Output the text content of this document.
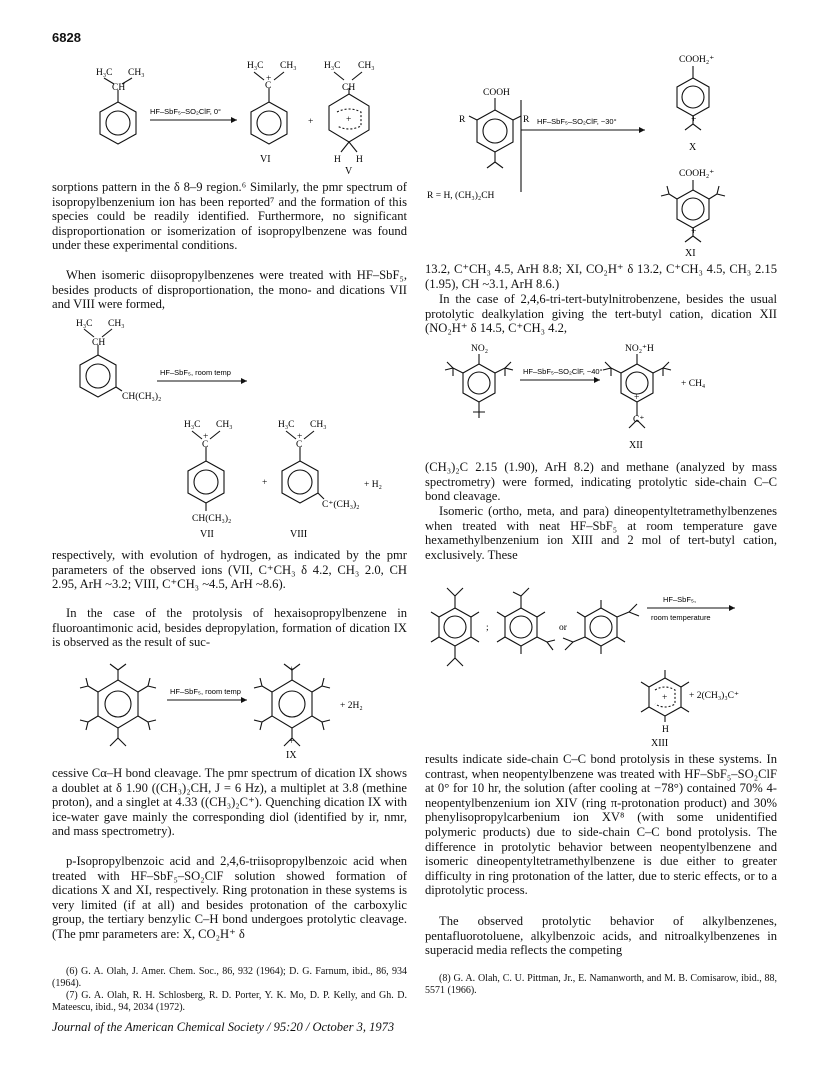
6828
sorptions pattern in the δ 8–9 region.⁶ Similarly, the pmr spectrum of isopropylbenzenium ion has been reported⁷ and the formation of this species could be readily identified. Furthermore, no significant disproportionation or isomerization of isopropylbenzene was found under these experimental conditions.
When isomeric diisopropylbenzenes were treated with HF–SbF₅, besides products of disproportionation, the mono- and dications VII and VIII were formed,
respectively, with evolution of hydrogen, as indicated by the pmr parameters of the observed ions (VII, C⁺CH₃ δ 4.2, CH₃ 2.0, CH 2.95, ArH ~3.2; VIII, C⁺CH₃ ~4.5, ArH ~8.6).
In the case of the protolysis of hexaisopropylbenzene in fluoroantimonic acid, besides depropylation, formation of dication IX is observed as the result of suc-
cessive Cα–H bond cleavage. The pmr spectrum of dication IX shows a doublet at δ 1.90 ((CH₃)₂CH, J = 6 Hz), a multiplet at 3.8 (methine proton), and a singlet at 4.33 ((CH₃)₂C⁺). Quenching dication IX with ice-water gave mainly the corresponding diol (identified by ir, nmr, and mass spectrometry).
p-Isopropylbenzoic acid and 2,4,6-triisopropylbenzoic acid when treated with HF–SbF₅–SO₂ClF solution showed formation of dications X and XI, respectively. Ring protonation in these systems is very limited (if at all) and besides protonation of the carboxylic group, the tertiary benzylic C–H bond undergoes protolytic cleavage. (The pmr parameters are: X, CO₂H⁺ δ
(6) G. A. Olah, J. Amer. Chem. Soc., 86, 932 (1964); D. G. Farnum, ibid., 86, 934 (1964).
(7) G. A. Olah, R. H. Schlosberg, R. D. Porter, Y. K. Mo, D. P. Kelly, and Gh. D. Mateescu, ibid., 94, 2034 (1972).
13.2, C⁺CH₃ 4.5, ArH 8.8; XI, CO₂H⁺ δ 13.2, C⁺CH₃ 4.5, CH₃ 2.15 (1.95), CH ~3.1, ArH 8.6.)
In the case of 2,4,6-tri-tert-butylnitrobenzene, besides the usual protolytic dealkylation giving the tert-butyl cation, dication XII (NO₂H⁺ δ 14.5, C⁺CH₃ 4.2,
(CH₃)₂C 2.15 (1.90), ArH 8.2) and methane (analyzed by mass spectrometry) were formed, indicating protolytic side-chain C–C bond cleavage.
Isomeric (ortho, meta, and para) dineopentyltetramethylbenzenes when treated with neat HF–SbF₅ at room temperature gave hexamethylbenzenium ion XIII and 2 mol of tert-butyl cation, exclusively. These
results indicate side-chain C–C bond protolysis in these systems. In contrast, when neopentylbenzene was treated with HF–SbF₅–SO₂ClF at 0° for 10 hr, the solution (after cooling at −78°) contained 70% 4-neopentylbenzenium ion XIV (ring π-protonation product) and 30% phenylisopropylcarbenium ion XV⁸ (with some unidentified polymeric products) due to side-chain C–C bond protolysis. The difference in protolytic behavior between neopentylbenzene and isomeric dineopentyltetramethylbenzene is due either to greater difficulty in ring protonation of the latter, due to steric effects, or to a diprotolytic process.
The observed protolytic behavior of alkylbenzenes, pentafluorotoluene, alkylbenzoic acids, and nitroalkylbenzenes in superacid media reflects the competing
(8) G. A. Olah, C. U. Pittman, Jr., E. Namanworth, and M. B. Comisarow, ibid., 88, 5571 (1966).
HF–SbF₅–SO₂ClF, 0°
H₃C CH₃
CH
H₃C CH₃
C
+
+
H₃C CH₃
CH
+
H H
VI
V
HF–SbF₅, room temp
H₃C CH₃
CH
CH(CH₃)₂
H₃C CH₃
C
+
CH(CH₃)₂
+
H₃C CH₃
C
+
C⁺(CH₃)₂
+ H₂
VII	VIII
HF–SbF₅, room temp
+
+
+ 2H₂
IX
HF–SbF₅–SO₂ClF, −30°
COOH
R	R
R = H, (CH₃)₂CH
COOH₂⁺
+
X
COOH₂⁺
+
XI
HF–SbF₅–SO₂ClF, −40°
NO₂	NO₂⁺H
+
C⁺
+ CH₄
XII
HF–SbF₅,
room temperature
;	or
+
H
+ 2(CH₃)₃C⁺
XIII
Journal of the American Chemical Society / 95:20 / October 3, 1973
